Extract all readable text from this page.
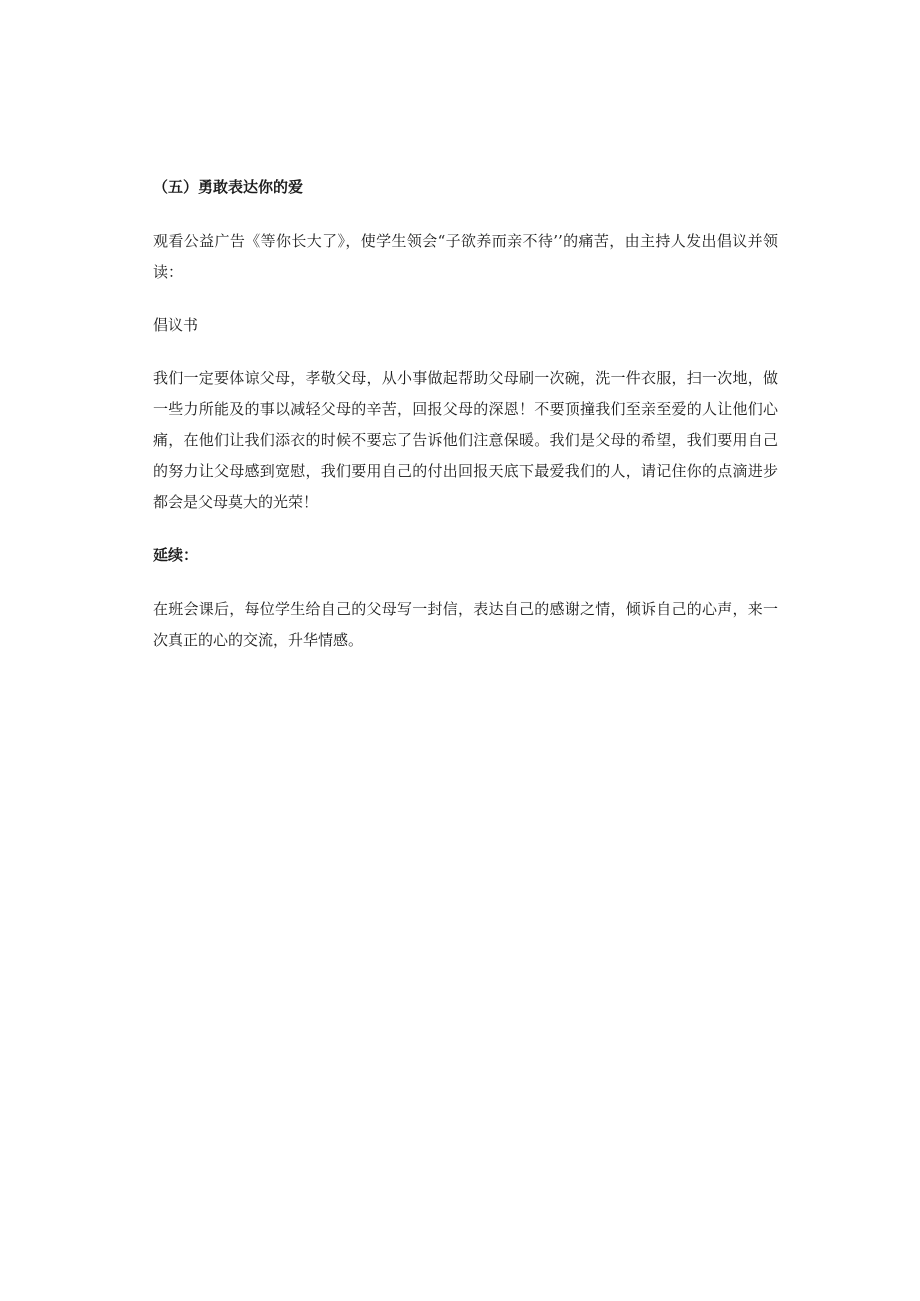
（五）勇敢表达你的爱

观看公益广告《等你长大了》，使学生领会“子欲养而亲不待’’的痛苦，由主持人发出倡议并领读：

倡议书

我们一定要体谅父母，孝敬父母，从小事做起帮助父母刷一次碗，洗一件衣服，扫一次地，做一些力所能及的事以减轻父母的辛苦，回报父母的深恩！不要顶撞我们至亲至爱的人让他们心痛，在他们让我们添衣的时候不要忘了告诉他们注意保暖。我们是父母的希望，我们要用自己的努力让父母感到宽慰，我们要用自己的付出回报天底下最爱我们的人，请记住你的点滴进步都会是父母莫大的光荣！

延续：

在班会课后，每位学生给自己的父母写一封信，表达自己的感谢之情，倾诉自己的心声，来一次真正的心的交流，升华情感。
